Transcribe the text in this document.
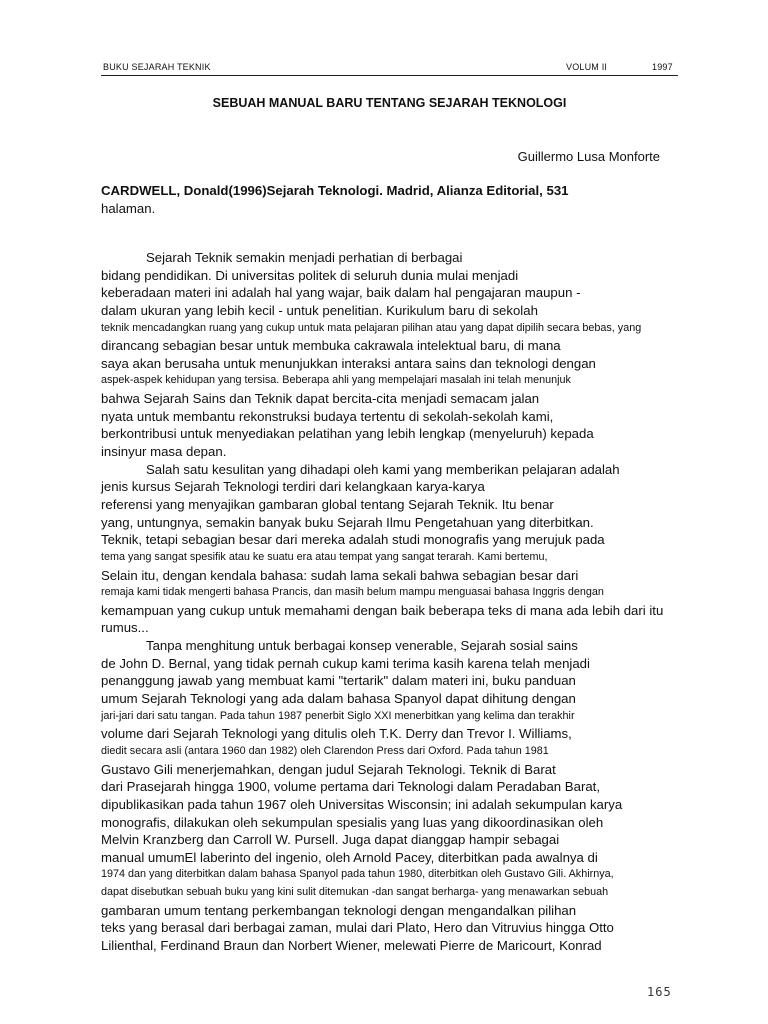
BUKU SEJARAH TEKNIK	VOLUM II	1997
SEBUAH MANUAL BARU TENTANG SEJARAH TEKNOLOGI
Guillermo Lusa Monforte
CARDWELL, Donald(1996)Sejarah Teknologi. Madrid, Alianza Editorial, 531
halaman.
Sejarah Teknik semakin menjadi perhatian di berbagai
bidang pendidikan. Di universitas politek di seluruh dunia mulai menjadi
keberadaan materi ini adalah hal yang wajar, baik dalam hal pengajaran maupun -
dalam ukuran yang lebih kecil - untuk penelitian. Kurikulum baru di sekolah
teknik mencadangkan ruang yang cukup untuk mata pelajaran pilihan atau yang dapat dipilih secara bebas, yang
dirancang sebagian besar untuk membuka cakrawala intelektual baru, di mana
saya akan berusaha untuk menunjukkan interaksi antara sains dan teknologi dengan
aspek-aspek kehidupan yang tersisa. Beberapa ahli yang mempelajari masalah ini telah menunjuk
bahwa Sejarah Sains dan Teknik dapat bercita-cita menjadi semacam jalan
nyata untuk membantu rekonstruksi budaya tertentu di sekolah-sekolah kami,
berkontribusi untuk menyediakan pelatihan yang lebih lengkap (menyeluruh) kepada
insinyur masa depan.
Salah satu kesulitan yang dihadapi oleh kami yang memberikan pelajaran adalah
jenis kursus Sejarah Teknologi terdiri dari kelangkaan karya-karya
referensi yang menyajikan gambaran global tentang Sejarah Teknik. Itu benar
yang, untungnya, semakin banyak buku Sejarah Ilmu Pengetahuan yang diterbitkan.
Teknik, tetapi sebagian besar dari mereka adalah studi monografis yang merujuk pada
tema yang sangat spesifik atau ke suatu era atau tempat yang sangat terarah. Kami bertemu,
Selain itu, dengan kendala bahasa: sudah lama sekali bahwa sebagian besar dari
remaja kami tidak mengerti bahasa Prancis, dan masih belum mampu menguasai bahasa Inggris dengan
kemampuan yang cukup untuk memahami dengan baik beberapa teks di mana ada lebih dari itu
rumus...
Tanpa menghitung untuk berbagai konsep venerable, Sejarah sosial sains
de John D. Bernal, yang tidak pernah cukup kami terima kasih karena telah menjadi
penanggung jawab yang membuat kami "tertarik" dalam materi ini, buku panduan
umum Sejarah Teknologi yang ada dalam bahasa Spanyol dapat dihitung dengan
jari-jari dari satu tangan. Pada tahun 1987 penerbit Siglo XXI menerbitkan yang kelima dan terakhir
volume dari Sejarah Teknologi yang ditulis oleh T.K. Derry dan Trevor I. Williams,
diedit secara asli (antara 1960 dan 1982) oleh Clarendon Press dari Oxford. Pada tahun 1981
Gustavo Gili menerjemahkan, dengan judul Sejarah Teknologi. Teknik di Barat
dari Prasejarah hingga 1900, volume pertama dari Teknologi dalam Peradaban Barat,
dipublikasikan pada tahun 1967 oleh Universitas Wisconsin; ini adalah sekumpulan karya
monografis, dilakukan oleh sekumpulan spesialis yang luas yang dikoordinasikan oleh
Melvin Kranzberg dan Carroll W. Pursell. Juga dapat dianggap hampir sebagai
manual umumEl laberinto del ingenio, oleh Arnold Pacey, diterbitkan pada awalnya di
1974 dan yang diterbitkan dalam bahasa Spanyol pada tahun 1980, diterbitkan oleh Gustavo Gili. Akhirnya,
dapat disebutkan sebuah buku yang kini sulit ditemukan -dan sangat berharga- yang menawarkan sebuah
gambaran umum tentang perkembangan teknologi dengan mengandalkan pilihan
teks yang berasal dari berbagai zaman, mulai dari Plato, Hero dan Vitruvius hingga Otto
Lilienthal, Ferdinand Braun dan Norbert Wiener, melewati Pierre de Maricourt, Konrad
165
